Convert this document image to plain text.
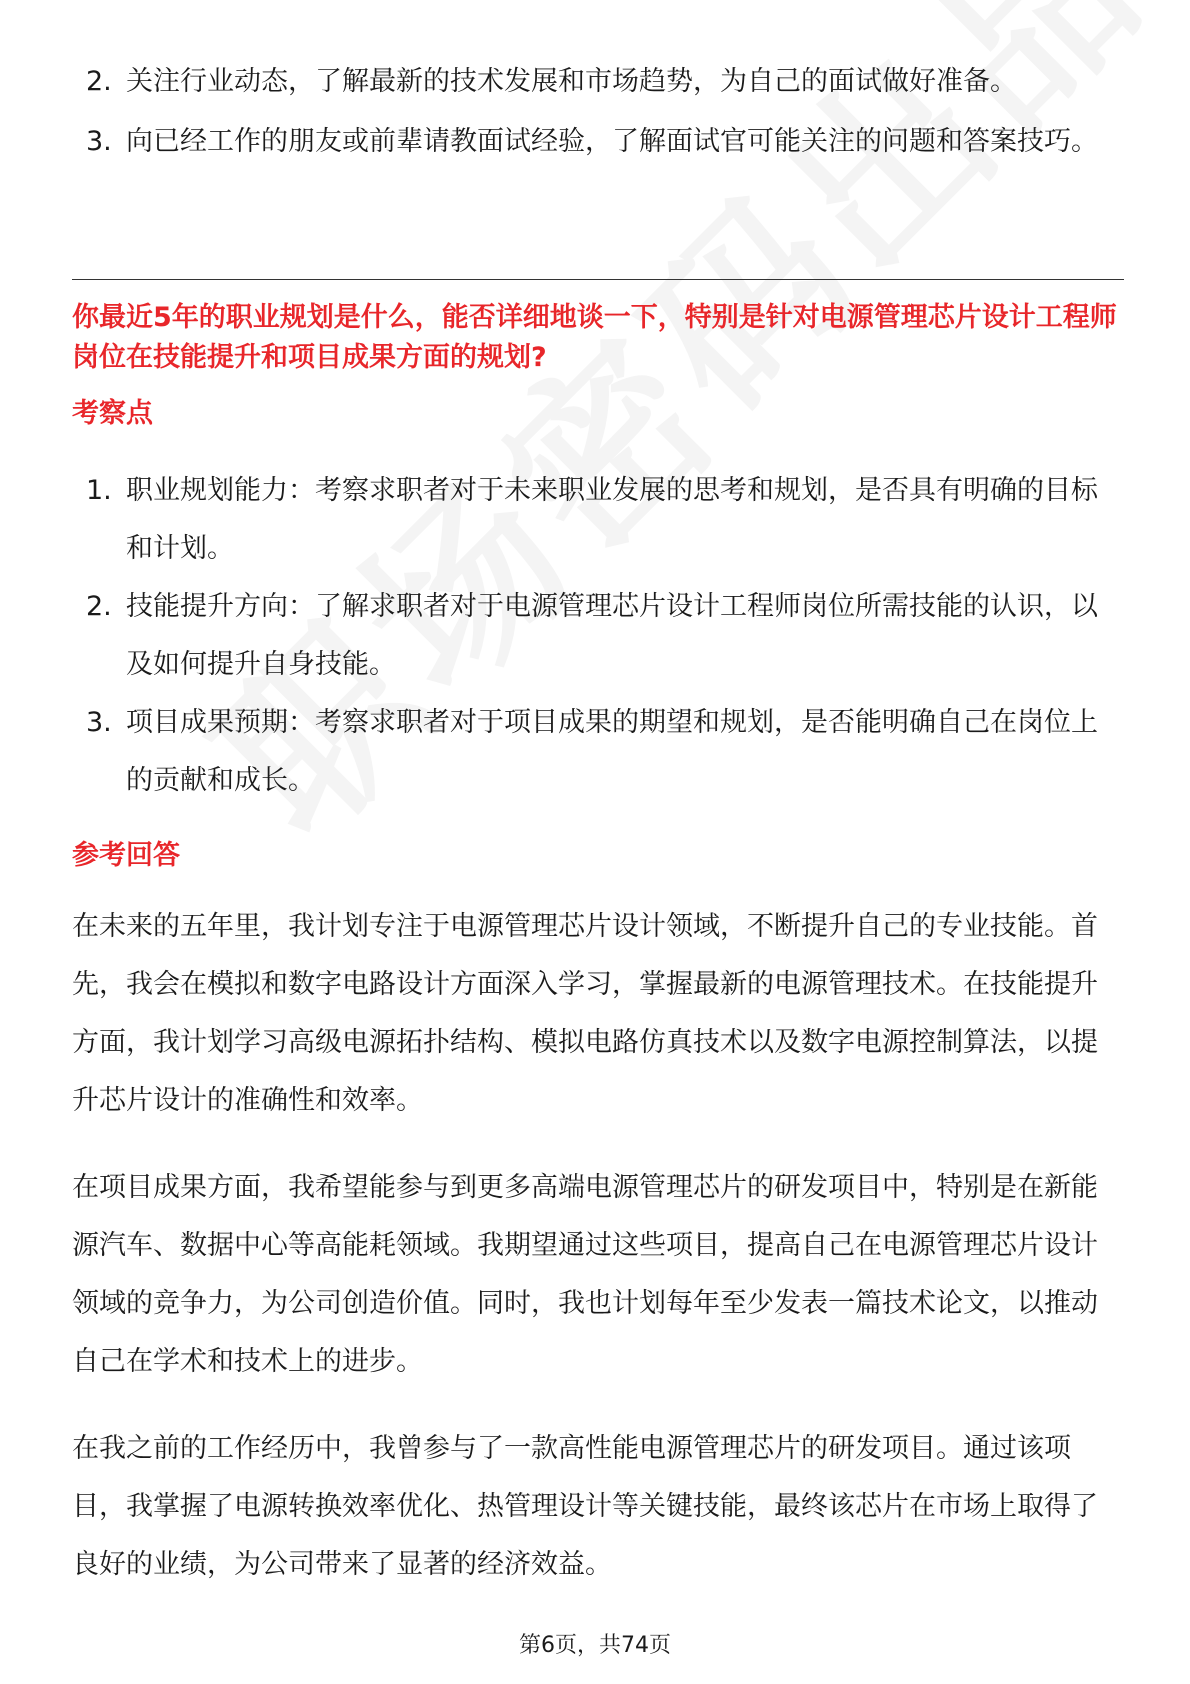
2. 关注行业动态，了解最新的技术发展和市场趋势，为自己的面试做好准备。
3. 向已经工作的朋友或前辈请教面试经验，了解面试官可能关注的问题和答案技巧。
你最近5年的职业规划是什么，能否详细地谈一下，特别是针对电源管理芯片设计工程师岗位在技能提升和项目成果方面的规划?
考察点
1. 职业规划能力：考察求职者对于未来职业发展的思考和规划，是否具有明确的目标和计划。
2. 技能提升方向：了解求职者对于电源管理芯片设计工程师岗位所需技能的认识，以及如何提升自身技能。
3. 项目成果预期：考察求职者对于项目成果的期望和规划，是否能明确自己在岗位上的贡献和成长。
参考回答

在未来的五年里，我计划专注于电源管理芯片设计领域，不断提升自己的专业技能。首先，我会在模拟和数字电路设计方面深入学习，掌握最新的电源管理技术。在技能提升方面，我计划学习高级电源拓扑结构、模拟电路仿真技术以及数字电源控制算法，以提升芯片设计的准确性和效率。

在项目成果方面，我希望能参与到更多高端电源管理芯片的研发项目中，特别是在新能源汽车、数据中心等高能耗领域。我期望通过这些项目，提高自己在电源管理芯片设计领域的竞争力，为公司创造价值。同时，我也计划每年至少发表一篇技术论文，以推动自己在学术和技术上的进步。

在我之前的工作经历中，我曾参与了一款高性能电源管理芯片的研发项目。通过该项目，我掌握了电源转换效率优化、热管理设计等关键技能，最终该芯片在市场上取得了良好的业绩，为公司带来了显著的经济效益。

第6页，共74页
